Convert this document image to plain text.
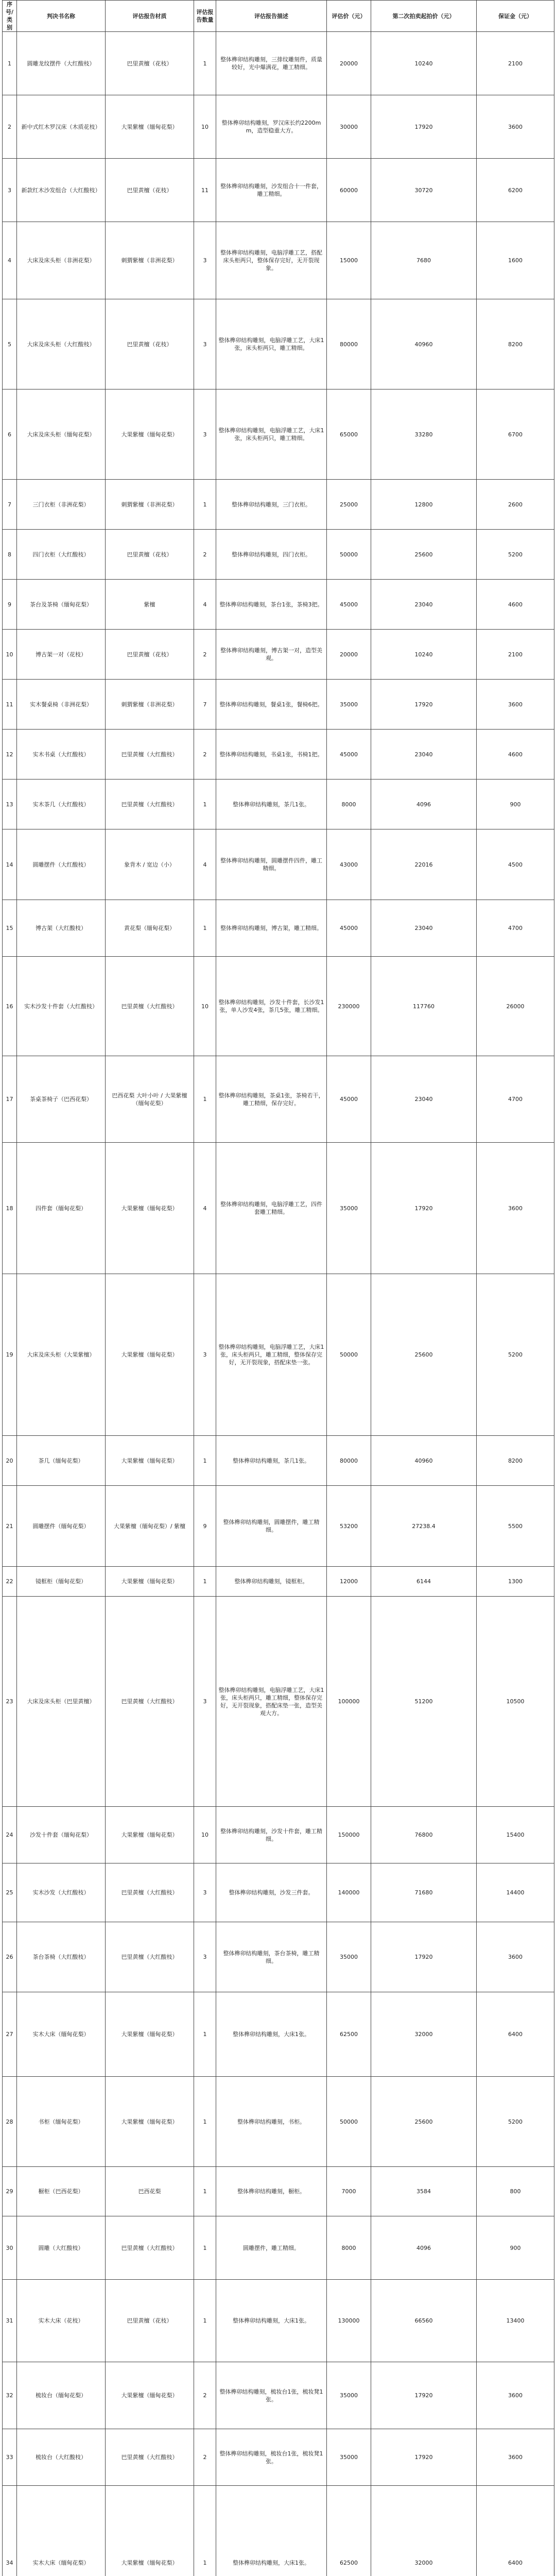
序号/类别	判决书名称	评估报告材质	评估报告数量	评估报告描述	评估价（元）	第二次拍卖起拍价（元）	保证金（元）
1	圆雕龙纹摆件（大红酸枝）	巴里黄檀（花枝）	1	整体榫卯结构雕刻，三排纹雕刻件，质量较好，光中爆满花，雕工精细。	20000	10240	2100
2	新中式红木罗汉床（木质花枝）	大果紫檀（缅甸花梨）	10	整体榫卯结构雕刻，罗汉床长约2200mm，造型稳重大方。	30000	17920	3600
3	新款红木沙发组合（大红酸枝）	巴里黄檀（花枝）	11	整体榫卯结构雕刻，沙发组合十一件套，雕工精细。	60000	30720	6200
4	大床及床头柜（非洲花梨）	刺猬紫檀（非洲花梨）	3	整体榫卯结构雕刻，电脑浮雕工艺，搭配床头柜两只，整体保存完好，无开裂现象。	15000	7680	1600
5	大床及床头柜（大红酸枝）	巴里黄檀（花枝）	3	整体榫卯结构雕刻，电脑浮雕工艺，大床1张，床头柜两只，雕工精细。	80000	40960	8200
6	大床及床头柜（缅甸花梨）	大果紫檀（缅甸花梨）	3	整体榫卯结构雕刻，电脑浮雕工艺，大床1张，床头柜两只，雕工精细。	65000	33280	6700
7	三门衣柜（非洲花梨）	刺猬紫檀（非洲花梨）	1	整体榫卯结构雕刻，三门衣柜。	25000	12800	2600
8	四门衣柜（大红酸枝）	巴里黄檀（花枝）	2	整体榫卯结构雕刻，四门衣柜。	50000	25600	5200
9	茶台及茶椅（缅甸花梨）	紫檀	4	整体榫卯结构雕刻，茶台1张，茶椅3把。	45000	23040	4600
10	博古架一对（花枝）	巴里黄檀（花枝）	2	整体榫卯结构雕刻，博古架一对，造型美观。	20000	10240	2100
11	实木餐桌椅（非洲花梨）	刺猬紫檀（非洲花梨）	7	整体榫卯结构雕刻，餐桌1张，餐椅6把。	35000	17920	3600
12	实木书桌（大红酸枝）	巴里黄檀（大红酸枝）	2	整体榫卯结构雕刻，书桌1张，书椅1把。	45000	23040	4600
13	实木茶几（大红酸枝）	巴里黄檀（大红酸枝）	1	整体榫卯结构雕刻，茶几1张。	8000	4096	900
14	圆雕摆件（大红酸枝）	象背木 / 宽边（小）	4	整体榫卯结构雕刻，圆雕摆件四件，雕工精细。	43000	22016	4500
15	博古架（大红酸枝）	黄花梨（缅甸花梨）	1	整体榫卯结构雕刻，博古架，雕工精细。	45000	23040	4700
16	实木沙发十件套（大红酸枝）	巴里黄檀（大红酸枝）	10	整体榫卯结构雕刻，沙发十件套，长沙发1张，单人沙发4张，茶几5张，雕工精细。	230000	117760	26000
17	茶桌茶椅子（巴西花梨）	巴西花梨 大叶小叶 / 大果紫檀（缅甸花梨）	1	整体榫卯结构雕刻，茶桌1张，茶椅若干，雕工精细，保存完好。	45000	23040	4700
18	四件套（缅甸花梨）	大果紫檀（缅甸花梨）	4	整体榫卯结构雕刻，电脑浮雕工艺，四件套雕工精细。	35000	17920	3600
19	大床及床头柜（大果紫檀）	大果紫檀（缅甸花梨）	3	整体榫卯结构雕刻，电脑浮雕工艺，大床1张，床头柜两只，雕工精细，整体保存完好，无开裂现象，搭配床垫一张。	50000	25600	5200
20	茶几（缅甸花梨）	大果紫檀（缅甸花梨）	1	整体榫卯结构雕刻，茶几1张。	80000	40960	8200
21	圆雕摆件（缅甸花梨）	大果紫檀（缅甸花梨）/ 紫檀	9	整体榫卯结构雕刻，圆雕摆件，雕工精细。	53200	27238.4	5500
22	镜框柜（缅甸花梨）	大果紫檀（缅甸花梨）	1	整体榫卯结构雕刻，镜框柜。	12000	6144	1300
23	大床及床头柜（巴里黄檀）	巴里黄檀（大红酸枝）	3	整体榫卯结构雕刻，电脑浮雕工艺，大床1张，床头柜两只，雕工精细，整体保存完好，无开裂现象，搭配床垫一张，造型美观大方。	100000	51200	10500
24	沙发十件套（缅甸花梨）	大果紫檀（缅甸花梨）	10	整体榫卯结构雕刻，沙发十件套，雕工精细。	150000	76800	15400
25	实木沙发（大红酸枝）	巴里黄檀（大红酸枝）	3	整体榫卯结构雕刻，沙发三件套。	140000	71680	14400
26	茶台茶椅（大红酸枝）	巴里黄檀（大红酸枝）	3	整体榫卯结构雕刻，茶台茶椅，雕工精细。	35000	17920	3600
27	实木大床（缅甸花梨）	大果紫檀（缅甸花梨）	1	整体榫卯结构雕刻，大床1张。	62500	32000	6400
28	书柜（缅甸花梨）	大果紫檀（缅甸花梨）	1	整体榫卯结构雕刻，书柜。	50000	25600	5200
29	橱柜（巴西花梨）	巴西花梨	1	整体榫卯结构雕刻，橱柜。	7000	3584	800
30	圆雕（大红酸枝）	巴里黄檀（大红酸枝）	1	圆雕摆件，雕工精细。	8000	4096	900
31	实木大床（花枝）	巴里黄檀（花枝）	1	整体榫卯结构雕刻，大床1张。	130000	66560	13400
32	梳妆台（缅甸花梨）	大果紫檀（缅甸花梨）	2	整体榫卯结构雕刻，梳妆台1张，梳妆凳1张。	35000	17920	3600
33	梳妆台（大红酸枝）	巴里黄檀（大红酸枝）	2	整体榫卯结构雕刻，梳妆台1张，梳妆凳1张。	35000	17920	3600
34	实木大床（缅甸花梨）	大果紫檀（缅甸花梨）	1	整体榫卯结构雕刻，大床1张。	62500	32000	6400
